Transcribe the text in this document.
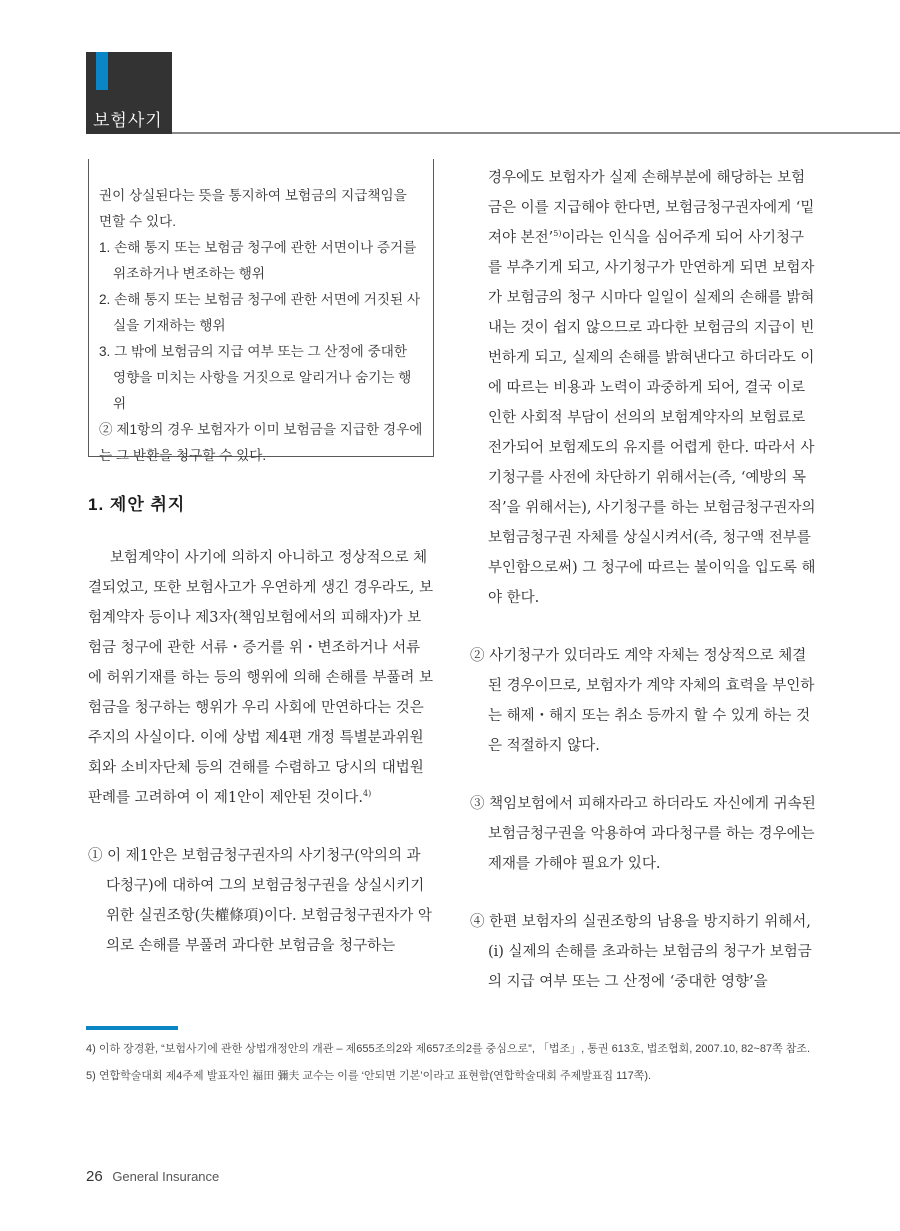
보험사기

권이 상실된다는 뜻을 통지하여 보험금의 지급책임을 면할 수 있다.

1. 손해 통지 또는 보험금 청구에 관한 서면이나 증거를 위조하거나 변조하는 행위

2. 손해 통지 또는 보험금 청구에 관한 서면에 거짓된 사실을 기재하는 행위

3. 그 밖에 보험금의 지급 여부 또는 그 산정에 중대한 영향을 미치는 사항을 거짓으로 알리거나 숨기는 행위

② 제1항의 경우 보험자가 이미 보험금을 지급한 경우에는 그 반환을 청구할 수 있다.

1. 제안 취지

보험계약이 사기에 의하지 아니하고 정상적으로 체결되었고, 또한 보험사고가 우연하게 생긴 경우라도, 보험계약자 등이나 제3자(책임보험에서의 피해자)가 보험금 청구에 관한 서류・증거를 위・변조하거나 서류에 허위기재를 하는 등의 행위에 의해 손해를 부풀려 보험금을 청구하는 행위가 우리 사회에 만연하다는 것은 주지의 사실이다. 이에 상법 제4편 개정 특별분과위원회와 소비자단체 등의 견해를 수렴하고 당시의 대법원 판례를 고려하여 이 제1안이 제안된 것이다.$^{4)}$

① 이 제1안은 보험금청구권자의 사기청구(악의의 과다청구)에 대하여 그의 보험금청구권을 상실시키기 위한 실권조항(失權條項)이다. 보험금청구권자가 악의로 손해를 부풀려 과다한 보험금을 청구하는

경우에도 보험자가 실제 손해부분에 해당하는 보험금은 이를 지급해야 한다면, 보험금청구권자에게 ‘밑져야 본전’$^{5)}$이라는 인식을 심어주게 되어 사기청구를 부추기게 되고, 사기청구가 만연하게 되면 보험자가 보험금의 청구 시마다 일일이 실제의 손해를 밝혀내는 것이 쉽지 않으므로 과다한 보험금의 지급이 빈번하게 되고, 실제의 손해를 밝혀낸다고 하더라도 이에 따르는 비용과 노력이 과중하게 되어, 결국 이로 인한 사회적 부담이 선의의 보험계약자의 보험료로 전가되어 보험제도의 유지를 어렵게 한다. 따라서 사기청구를 사전에 차단하기 위해서는(즉, ‘예방의 목적’을 위해서는), 사기청구를 하는 보험금청구권자의 보험금청구권 자체를 상실시켜서(즉, 청구액 전부를 부인함으로써) 그 청구에 따르는 불이익을 입도록 해야 한다.

② 사기청구가 있더라도 계약 자체는 정상적으로 체결된 경우이므로, 보험자가 계약 자체의 효력을 부인하는 해제・해지 또는 취소 등까지 할 수 있게 하는 것은 적절하지 않다.

③ 책임보험에서 피해자라고 하더라도 자신에게 귀속된 보험금청구권을 악용하여 과다청구를 하는 경우에는 제재를 가해야 필요가 있다.

④ 한편 보험자의 실권조항의 남용을 방지하기 위해서, (ⅰ) 실제의 손해를 초과하는 보험금의 청구가 보험금의 지급 여부 또는 그 산정에 ‘중대한 영향’을

4) 이하 장경환, “보험사기에 관한 상법개정안의 개관 – 제655조의2와 제657조의2를 중심으로”, 「법조」, 통권 613호, 법조협회, 2007.10, 82~87쪽 참조.

5) 연합학술대회 제4주제 발표자인 福田 彌夫 교수는 이를 ‘안되면 기본’이라고 표현함(연합학술대회 주제발표집 117쪽).

26 General Insurance
